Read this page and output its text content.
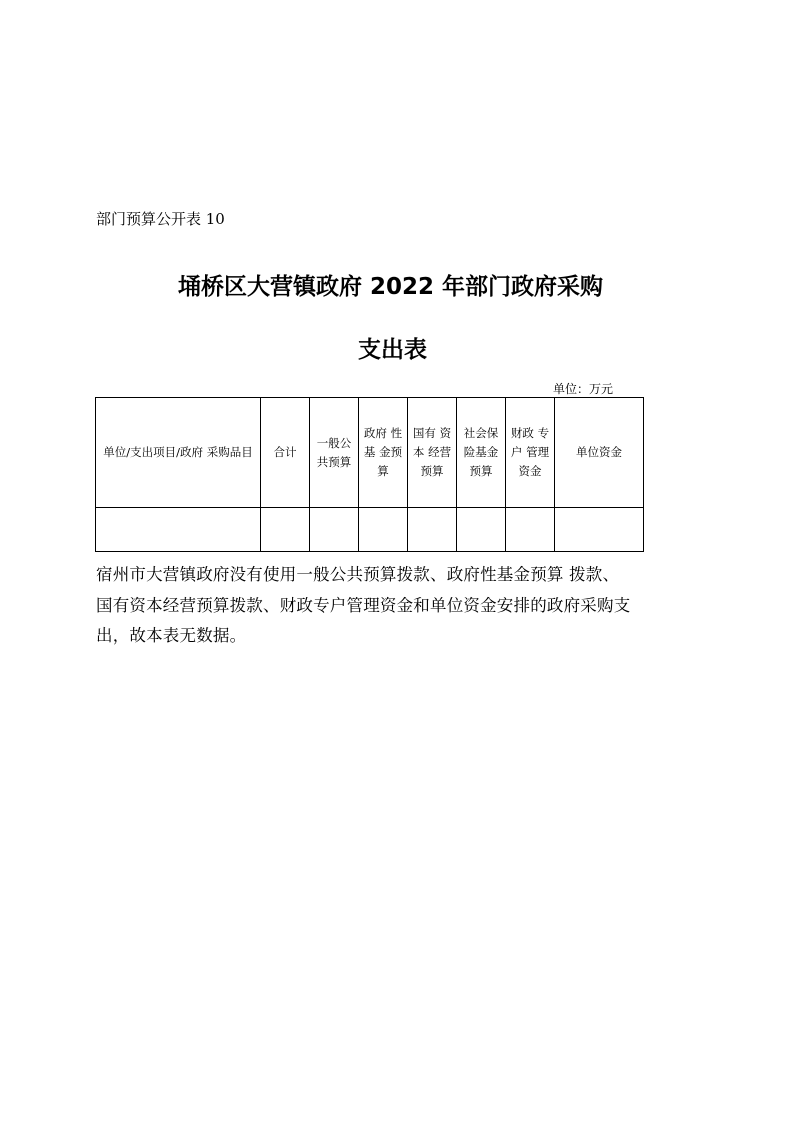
部门预算公开表 10
埇桥区大营镇政府 2022 年部门政府采购
支出表
单位：万元
单位/支出项目/政府 采购品目	合计	一般公共预算	政府 性基 金预算	国有 资本 经营预算	社会保险基金预算	财政 专户 管理资金	单位资金

宿州市大营镇政府没有使用一般公共预算拨款、政府性基金预算 拨款、
国有资本经营预算拨款、财政专户管理资金和单位资金安排的政府采购支
出，故本表无数据。
